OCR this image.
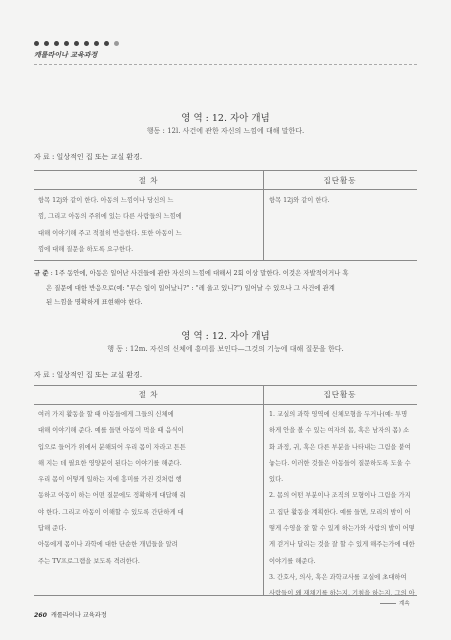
캐롤라이나 교육과정
영 역 : 12. 자아 개념
행동 : 12l. 사건에 관한 자신의 느낌에 대해 말한다.
자 료 : 일상적인 집 또는 교실 환경.
절 차	집단활동
항목 12j와 같이 한다. 아동의 느낌이나 당신의 느
낌, 그리고 아동의 주위에 있는 다른 사람들의 느낌에
대해 이야기해 주고 적절히 반응한다. 또한 아동이 느
낌에 대해 질문을 하도록 요구한다.
항목 12j와 같이 한다.
규 준 : 1주 동안에, 아동은 일어난 사건들에 관한 자신의 느낌에 대해서 2회 이상 말한다. 이것은 자발적이거나 혹
은 질문에 대한 반응으로(예: "무슨 일이 일어났니?" : "레 울고 있니?") 일어날 수 있으나 그 사건에 관계
된 느낌을 명확하게 표현해야 한다.
영 역 : 12. 자아 개념
행 동 : 12m. 자신의 신체에 흥미를 보인다—그것의 기능에 대해 질문을 한다.
자 료 : 일상적인 집 또는 교실 환경.
절 차	집단활동
여러 가지 활동을 할 때 아동들에게 그들의 신체에
대해 이야기해 준다. 예를 들면 아동이 먹을 때 음식이
입으로 들어가 위에서 분해되어 우리 몸이 자라고 튼튼
해 지는 데 필요한 영양분이 된다는 이야기를 해준다.
우리 몸이 어떻게 일하는 지에 흥미를 가진 것처럼 행
동하고 아동이 하는 어떤 질문에도 정확하게 대답해 줘
야 한다. 그리고 아동이 이해할 수 있도록 간단하게 대
답해 준다.
아동에게 몸이나 과학에 대한 단순한 개념들을 알려
주는 TV프로그램을 보도록 격려한다.
1. 교실의 과학 영역에 신체모형을 두거나(예: 투명
하게 안을 볼 수 있는 여자의 몸, 혹은 남자의 몸) 소
화 과정, 귀, 혹은 다른 부분을 나타내는 그림을 붙여
놓는다. 이러한 것들은 아동들이 질문하도록 도울 수
있다.
2. 몸의 어떤 부분이나 조직의 모형이나 그림을 가지
고 집단 활동을 계획한다. 예를 들면, 모리의 밤이 어
떻게 수영을 잘 할 수 있게 하는가와 사람의 발이 어떻
게 걷거나 달리는 것을 잘 할 수 있게 해주는가에 대한
이야기를 해준다.
3. 간호사, 의사, 혹은 과학교사를 교실에 초대하여
사람들이 왜 재채기를 하는지, 기침을 하는지, 그의 아
계속
260 캐롤라이나 교육과정
